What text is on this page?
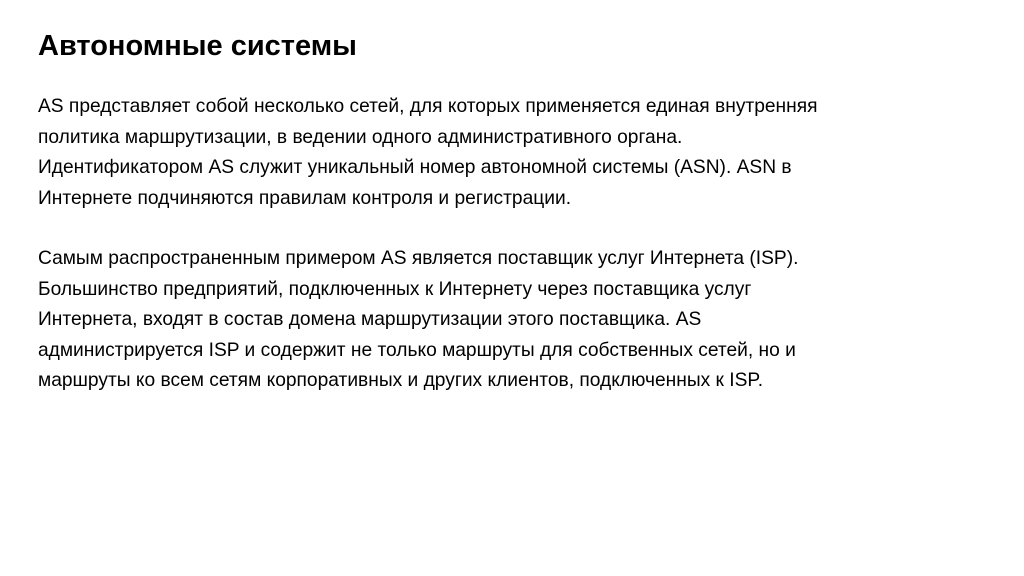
Автономные системы

AS представляет собой несколько сетей, для которых применяется единая внутренняя
политика маршрутизации, в ведении одного административного органа.
Идентификатором AS служит уникальный номер автономной системы (ASN). ASN в
Интернете подчиняются правилам контроля и регистрации.

Самым распространенным примером AS является поставщик услуг Интернета (ISP).
Большинство предприятий, подключенных к Интернету через поставщика услуг
Интернета, входят в состав домена маршрутизации этого поставщика. AS
администрируется ISP и содержит не только маршруты для собственных сетей, но и
маршруты ко всем сетям корпоративных и других клиентов, подключенных к ISP.
